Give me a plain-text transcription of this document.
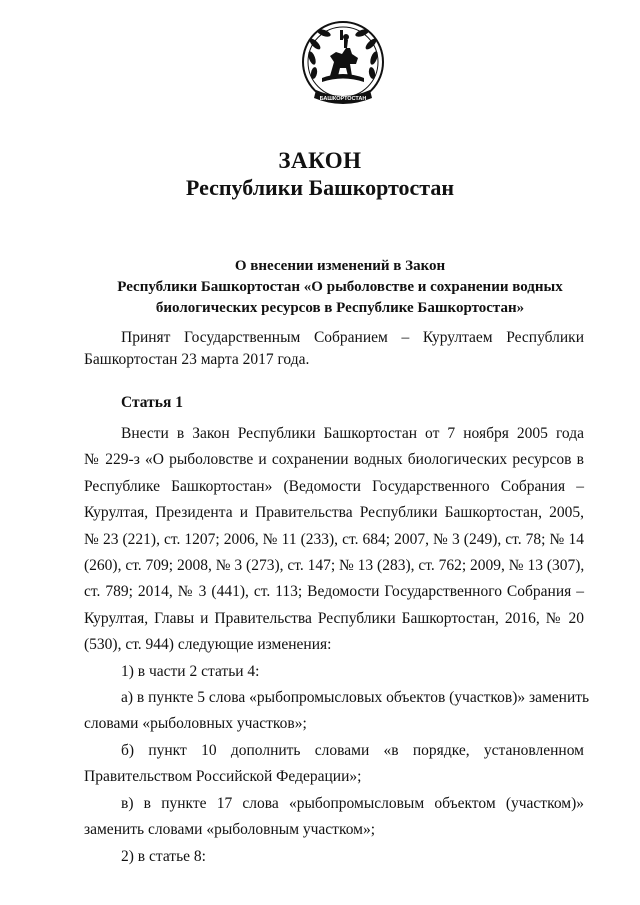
БАШКОРТОСТАН
ЗАКОН
Республики Башкортостан
О внесении изменений в Закон
Республики Башкортостан «О рыболовстве и сохранении водных
биологических ресурсов в Республике Башкортостан»
Принят Государственным Собранием – Курултаем Республики
Башкортостан 23 марта 2017 года.
Статья 1
Внести в Закон Республики Башкортостан от 7 ноября 2005 года
№ 229-з «О рыболовстве и сохранении водных биологических ресурсов в
Республике Башкортостан» (Ведомости Государственного Собрания –
Курултая, Президента и Правительства Республики Башкортостан, 2005,
№ 23 (221), ст. 1207; 2006, № 11 (233), ст. 684; 2007, № 3 (249), ст. 78; № 14
(260), ст. 709; 2008, № 3 (273), ст. 147; № 13 (283), ст. 762; 2009, № 13 (307),
ст. 789; 2014, № 3 (441), ст. 113; Ведомости Государственного Собрания –
Курултая, Главы и Правительства Республики Башкортостан, 2016, № 20
(530), ст. 944) следующие изменения:
1) в части 2 статьи 4:
а) в пункте 5 слова «рыбопромысловых объектов (участков)» заменить
словами «рыболовных участков»;
б) пункт 10 дополнить словами «в порядке, установленном
Правительством Российской Федерации»;
в) в пункте 17 слова «рыбопромысловым объектом (участком)»
заменить словами «рыболовным участком»;
2) в статье 8:
